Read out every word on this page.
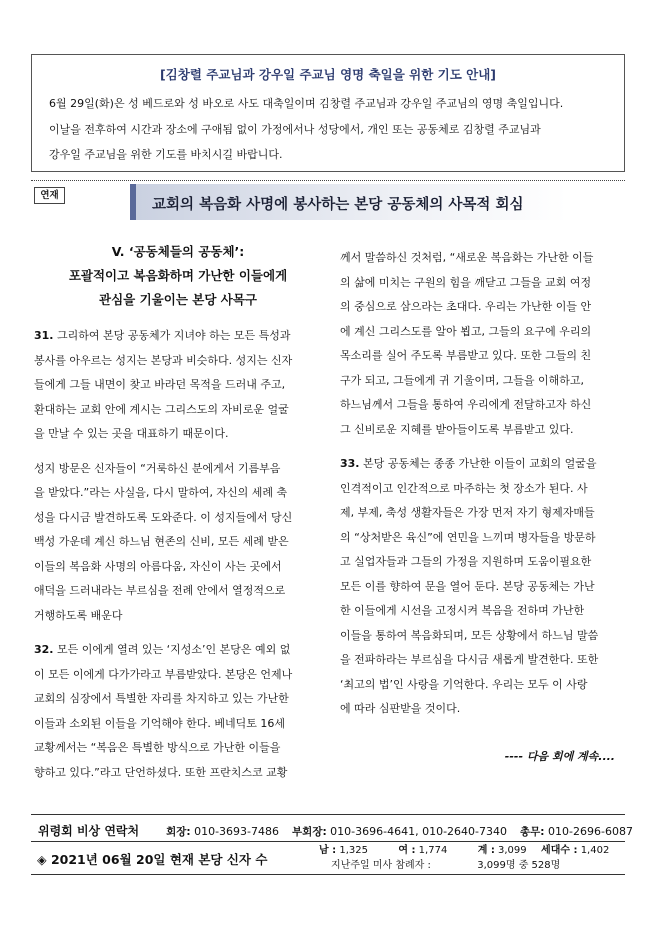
[김창렬 주교님과 강우일 주교님 영명 축일을 위한 기도 안내]
6월 29일(화)은 성 베드로와 성 바오로 사도 대축일이며 김창렬 주교님과 강우일 주교님의 영명 축일입니다.
이날을 전후하여 시간과 장소에 구애됨 없이 가정에서나 성당에서, 개인 또는 공동체로 김창렬 주교님과
강우일 주교님을 위한 기도를 바치시길 바랍니다.
연재
교회의 복음화 사명에 봉사하는 본당 공동체의 사목적 회심
V. ‘공동체들의 공동체’:
포괄적이고 복음화하며 가난한 이들에게
관심을 기울이는 본당 사목구

31. 그리하여 본당 공동체가 지녀야 하는 모든 특성과

봉사를 아우르는 성지는 본당과 비슷하다. 성지는 신자

들에게 그들 내면이 찾고 바라던 목적을 드러내 주고,

환대하는 교회 안에 계시는 그리스도의 자비로운 얼굴

을 만날 수 있는 곳을 대표하기 때문이다.

성지 방문은 신자들이 “거룩하신 분에게서 기름부음

을 받았다.”라는 사실을, 다시 말하여, 자신의 세례 축

성을 다시금 발견하도록 도와준다. 이 성지들에서 당신

백성 가운데 계신 하느님 현존의 신비, 모든 세례 받은

이들의 복음화 사명의 아름다움, 자신이 사는 곳에서

애덕을 드러내라는 부르심을 전례 안에서 열정적으로

거행하도록 배운다

32. 모든 이에게 열려 있는 ‘지성소’인 본당은 예외 없

이 모든 이에게 다가가라고 부름받았다. 본당은 언제나

교회의 심장에서 특별한 자리를 차지하고 있는 가난한

이들과 소외된 이들을 기억해야 한다. 베네딕토 16세

교황께서는 “복음은 특별한 방식으로 가난한 이들을

향하고 있다.”라고 단언하셨다. 또한 프란치스코 교황

께서 말씀하신 것처럼, “새로운 복음화는 가난한 이들

의 삶에 미치는 구원의 힘을 깨닫고 그들을 교회 여정

의 중심으로 삼으라는 초대다. 우리는 가난한 이들 안

에 계신 그리스도를 알아 뵙고, 그들의 요구에 우리의

목소리를 실어 주도록 부름받고 있다. 또한 그들의 친

구가 되고, 그들에게 귀 기울이며, 그들을 이해하고,

하느님께서 그들을 통하여 우리에게 전달하고자 하신

그 신비로운 지혜를 받아들이도록 부름받고 있다.

33. 본당 공동체는 종종 가난한 이들이 교회의 얼굴을

인격적이고 인간적으로 마주하는 첫 장소가 된다. 사

제, 부제, 축성 생활자들은 가장 먼저 자기 형제자매들

의 “상처받은 육신”에 연민을 느끼며 병자들을 방문하

고 실업자들과 그들의 가정을 지원하며 도움이필요한

모든 이를 향하여 문을 열어 둔다. 본당 공동체는 가난

한 이들에게 시선을 고정시켜 복음을 전하며 가난한

이들을 통하여 복음화되며, 모든 상황에서 하느님 말씀

을 전파하라는 부르심을 다시금 새롭게 발견한다. 또한

‘최고의 법’인 사랑을 기억한다. 우리는 모두 이 사랑

에 따라 심판받을 것이다.

---- 다음 회에 계속....
위령회 비상 연락처	회장: 010-3693-7486 부회장: 010-3696-4641, 010-2640-7340 총무: 010-2696-6087
◈ 2021년 06월 20일 현재 본당 신자 수
남 : 1,325	여 : 1,774	계 : 3,099 세대수 : 1,402
지난주일 미사 참례자 :	3,099명 중 528명
